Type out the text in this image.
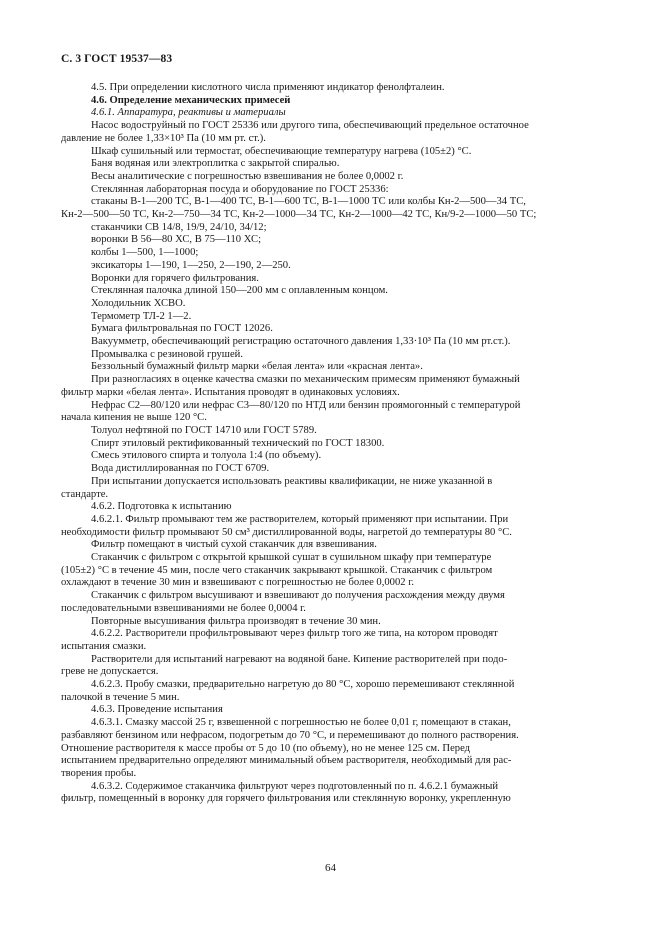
С. 3 ГОСТ 19537—83

4.5. При определении кислотного числа применяют индикатор фенолфталеин.

4.6. Определение механических примесей

4.6.1. Аппаратура, реактивы и материалы

Насос водоструйный по ГОСТ 25336 или другого типа, обеспечивающий предельное остаточное

давление не более 1,33×10³ Па (10 мм рт. ст.).

Шкаф сушильный или термостат, обеспечивающие температуру нагрева (105±2) °С.

Баня водяная или электроплитка с закрытой спиралью.

Весы аналитические с погрешностью взвешивания не более 0,0002 г.

Стеклянная лабораторная посуда и оборудование по ГОСТ 25336:

стаканы В-1—200 ТС, В-1—400 ТС, В-1—600 ТС, В-1—1000 ТС или колбы Кн-2—500—34 ТС,

Кн-2—500—50 ТС, Кн-2—750—34 ТС, Кн-2—1000—34 ТС, Кн-2—1000—42 ТС, Кн/9-2—1000—50 ТС;

стаканчики СВ 14/8, 19/9, 24/10, 34/12;

воронки В 56—80 ХС, В 75—110 ХС;

колбы 1—500, 1—1000;

эксикаторы 1—190, 1—250, 2—190, 2—250.

Воронки для горячего фильтрования.

Стеклянная палочка длиной 150—200 мм с оплавленным концом.

Холодильник ХСВО.

Термометр ТЛ-2 1—2.

Бумага фильтровальная по ГОСТ 12026.

Вакуумметр, обеспечивающий регистрацию остаточного давления 1,33·10³ Па (10 мм рт.ст.).

Промывалка с резиновой грушей.

Беззольный бумажный фильтр марки «белая лента» или «красная лента».

При разногласиях в оценке качества смазки по механическим примесям применяют бумажный

фильтр марки «белая лента». Испытания проводят в одинаковых условиях.

Нефрас С2—80/120 или нефрас С3—80/120 по НТД или бензин проямогонный с температурой

начала кипения не выше 120 °С.

Толуол нефтяной по ГОСТ 14710 или ГОСТ 5789.

Спирт этиловый ректификованный технический по ГОСТ 18300.

Смесь этилового спирта и толуола 1:4 (по объему).

Вода дистиллированная по ГОСТ 6709.

При испытании допускается использовать реактивы квалификации, не ниже указанной в

стандарте.

4.6.2. Подготовка к испытанию

4.6.2.1. Фильтр промывают тем же растворителем, который применяют при испытании. При

необходимости фильтр промывают 50 см³ дистиллированной воды, нагретой до температуры 80 °С.

Фильтр помещают в чистый сухой стаканчик для взвешивания.

Стаканчик с фильтром с открытой крышкой сушат в сушильном шкафу при температуре

(105±2) °С в течение 45 мин, после чего стаканчик закрывают крышкой. Стаканчик с фильтром

охлаждают в течение 30 мин и взвешивают с погрешностью не более 0,0002 г.

Стаканчик с фильтром высушивают и взвешивают до получения расхождения между двумя

последовательными взвешиваниями не более 0,0004 г.

Повторные высушивания фильтра производят в течение 30 мин.

4.6.2.2. Растворители профильтровывают через фильтр того же типа, на котором проводят

испытания смазки.

Растворители для испытаний нагревают на водяной бане. Кипение растворителей при подо-

греве не допускается.

4.6.2.3. Пробу смазки, предварительно нагретую до 80 °С, хорошо перемешивают стеклянной

палочкой в течение 5 мин.

4.6.3. Проведение испытания

4.6.3.1. Смазку массой 25 г, взвешенной с погрешностью не более 0,01 г, помещают в стакан,

разбавляют бензином или нефрасом, подогретым до 70 °С, и перемешивают до полного растворения.

Отношение растворителя к массе пробы от 5 до 10 (по объему), но не менее 125 см. Перед

испытанием предварительно определяют минимальный объем растворителя, необходимый для рас-

творения пробы.

4.6.3.2. Содержимое стаканчика фильтруют через подготовленный по п. 4.6.2.1 бумажный

фильтр, помещенный в воронку для горячего фильтрования или стеклянную воронку, укрепленную

64
